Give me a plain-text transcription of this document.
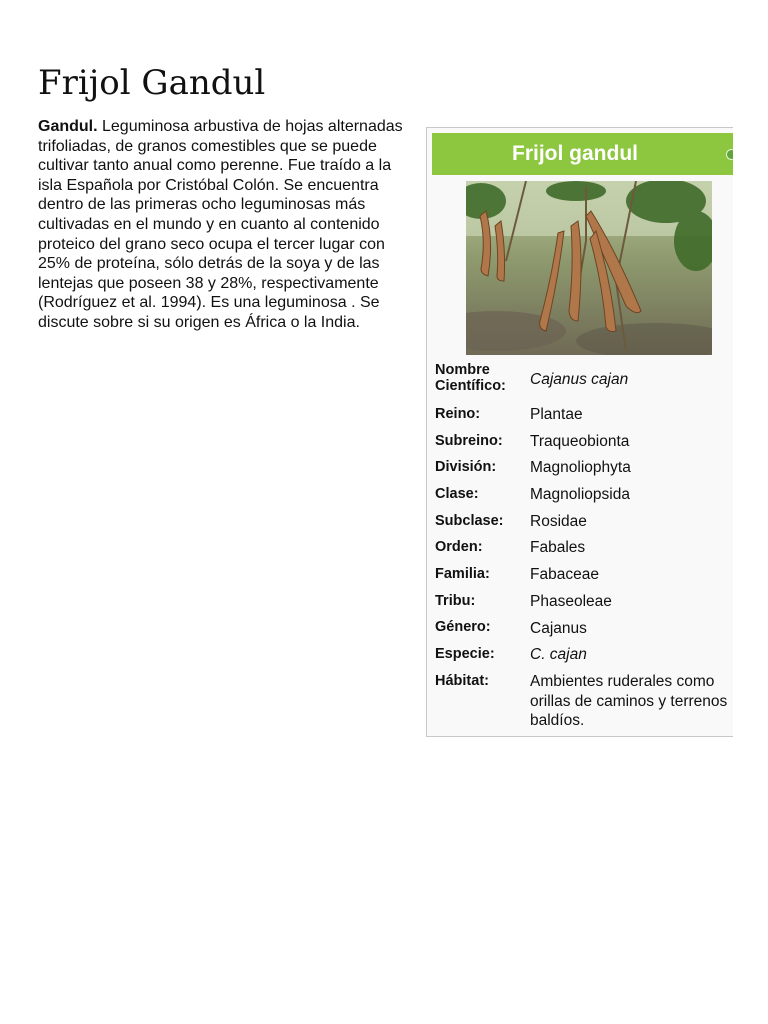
Frijol Gandul

Gandul. Leguminosa arbustiva de hojas alternadas trifoliadas, de granos comestibles que se puede cultivar tanto anual como perenne. Fue traído a la isla Española por Cristóbal Colón. Se encuentra dentro de las primeras ocho leguminosas más cultivadas en el mundo y en cuanto al contenido proteico del grano seco ocupa el tercer lugar con 25% de proteína, sólo detrás de la soya y de las lentejas que poseen 38 y 28%, respectivamente (Rodríguez et al. 1994). Es una leguminosa . Se discute sobre si su origen es África o la India.

Frijol gandul
Nombre Científico:	Cajanus cajan
Reino:	Plantae
Subreino:	Traqueobionta
División:	Magnoliophyta
Clase:	Magnoliopsida
Subclase:	Rosidae
Orden:	Fabales
Familia:	Fabaceae
Tribu:	Phaseoleae
Género:	Cajanus
Especie:	C. cajan
Hábitat:	Ambientes ruderales como orillas de caminos y terrenos baldíos.
